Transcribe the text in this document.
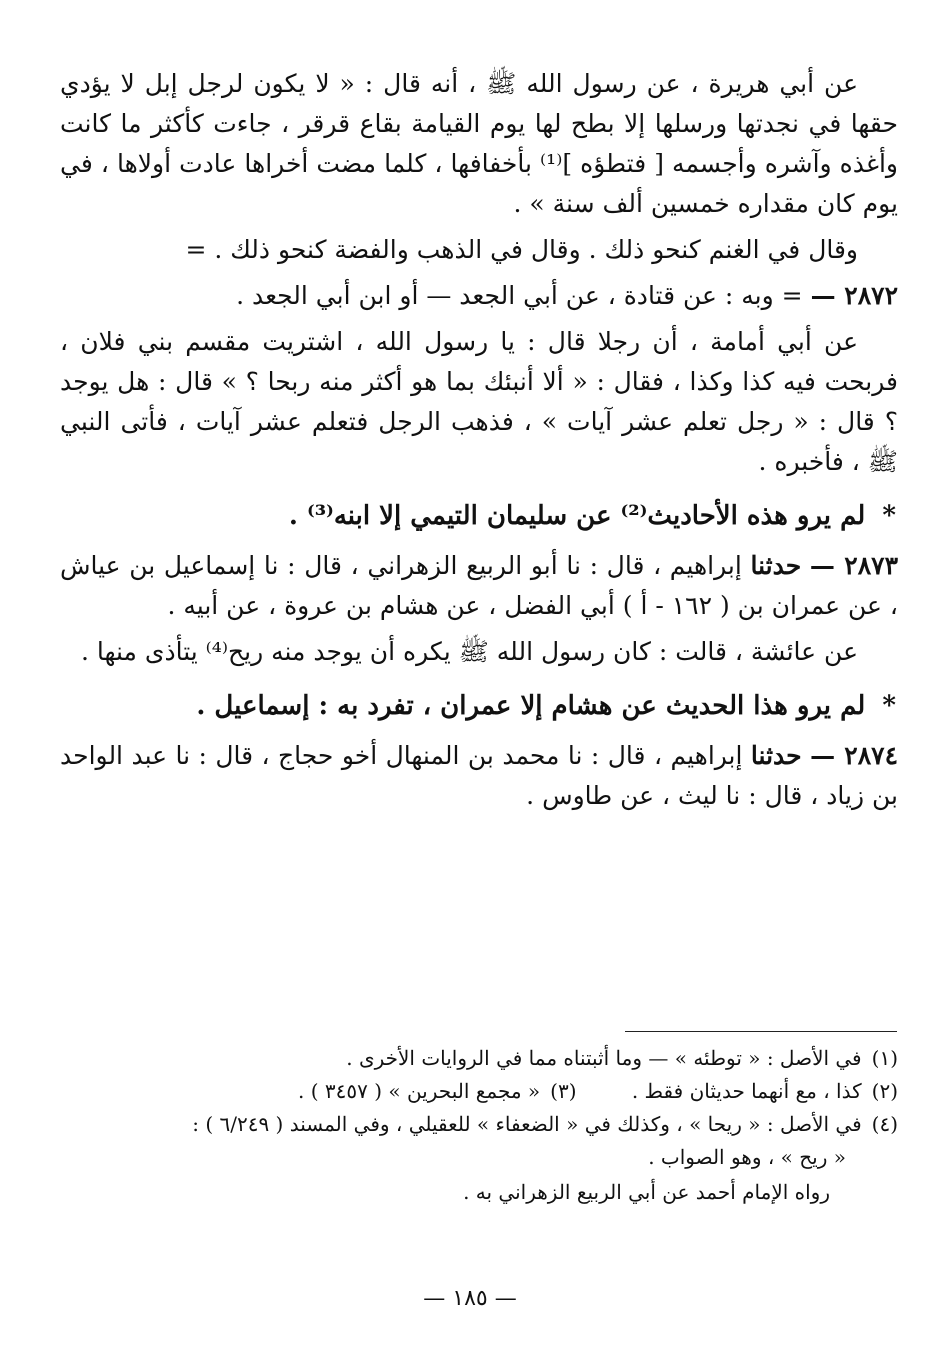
عن أبي هريرة ، عن رسول الله ﷺ ، أنه قال : « لا يكون لرجل إبل لا يؤدي حقها في نجدتها ورسلها إلا بطح لها يوم القيامة بقاع قرقر ، جاءت كأكثر ما كانت وأغذه وآشره وأجسمه [ فتطؤه ]⁽¹⁾ بأخفافها ، كلما مضت أخراها عادت أولاها ، في يوم كان مقداره خمسين ألف سنة » .

وقال في الغنم كنحو ذلك . وقال في الذهب والفضة كنحو ذلك . =

٢٨٧٢ — = وبه : عن قتادة ، عن أبي الجعد — أو ابن أبي الجعد .

عن أبي أمامة ، أن رجلا قال : يا رسول الله ، اشتريت مقسم بني فلان ، فربحت فيه كذا وكذا ، فقال : « ألا أنبئك بما هو أكثر منه ربحا ؟ » قال : هل يوجد ؟ قال : « رجل تعلم عشر آيات » ، فذهب الرجل فتعلم عشر آيات ، فأتى النبي ﷺ ، فأخبره .

* لم يرو هذه الأحاديث⁽²⁾ عن سليمان التيمي إلا ابنه⁽³⁾ .

٢٨٧٣ — حدثنا إبراهيم ، قال : نا أبو الربيع الزهراني ، قال : نا إسماعيل بن عياش ، عن عمران بن ( ١٦٢ - أ ) أبي الفضل ، عن هشام بن عروة ، عن أبيه .

عن عائشة ، قالت : كان رسول الله ﷺ يكره أن يوجد منه ريح⁽⁴⁾ يتأذى منها .

* لم يرو هذا الحديث عن هشام إلا عمران ، تفرد به : إسماعيل .

٢٨٧٤ — حدثنا إبراهيم ، قال : نا محمد بن المنهال أخو حجاج ، قال : نا عبد الواحد بن زياد ، قال : نا ليث ، عن طاوس .

(١)في الأصل : « توطئه » — وما أثبتناه مما في الروايات الأخرى .

(٢)كذا ، مع أنهما حديثان فقط .
(٣)« مجمع البحرين » ( ٣٤٥٧ ) .

(٤)في الأصل : « ريحا » ، وكذلك في « الضعفاء » للعقيلي ، وفي المسند ( ٦/٢٤٩ ) :

« ريح » ، وهو الصواب .

رواه الإمام أحمد عن أبي الربيع الزهراني به .

— ١٨٥ —
